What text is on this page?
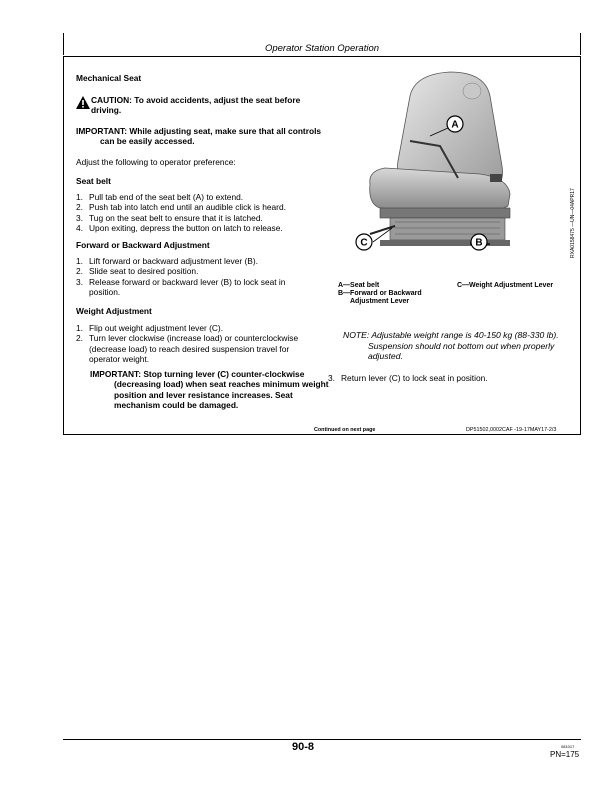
Operator Station Operation
Mechanical Seat
CAUTION: To avoid accidents, adjust the seat before driving.
IMPORTANT: While adjusting seat, make sure that all controls can be easily accessed.
Adjust the following to operator preference:
Seat belt
1. Pull tab end of the seat belt (A) to extend.
2. Push tab into latch end until an audible click is heard.
3. Tug on the seat belt to ensure that it is latched.
4. Upon exiting, depress the button on latch to release.
Forward or Backward Adjustment
1. Lift forward or backward adjustment lever (B).
2. Slide seat to desired position.
3. Release forward or backward lever (B) to lock seat in position.
Weight Adjustment
1. Flip out weight adjustment lever (C).
2. Turn lever clockwise (increase load) or counterclockwise (decrease load) to reach desired suspension travel for operator weight.
IMPORTANT: Stop turning lever (C) counter-clockwise (decreasing load) when seat reaches minimum weight position and lever resistance increases. Seat mechanism could be damaged.
A
C	B	RXA0158475 —UN—04APR17
A—Seat belt
B—Forward or Backward
Adjustment Lever
C—Weight Adjustment Lever
NOTE: Adjustable weight range is 40-150 kg (88-330 lb). Suspension should not bottom out when properly adjusted.
3. Return lever (C) to lock seat in position.
Continued on next page	DP51502,0002CAF -19-17MAY17-2/3
90-8	081017
PN=175
